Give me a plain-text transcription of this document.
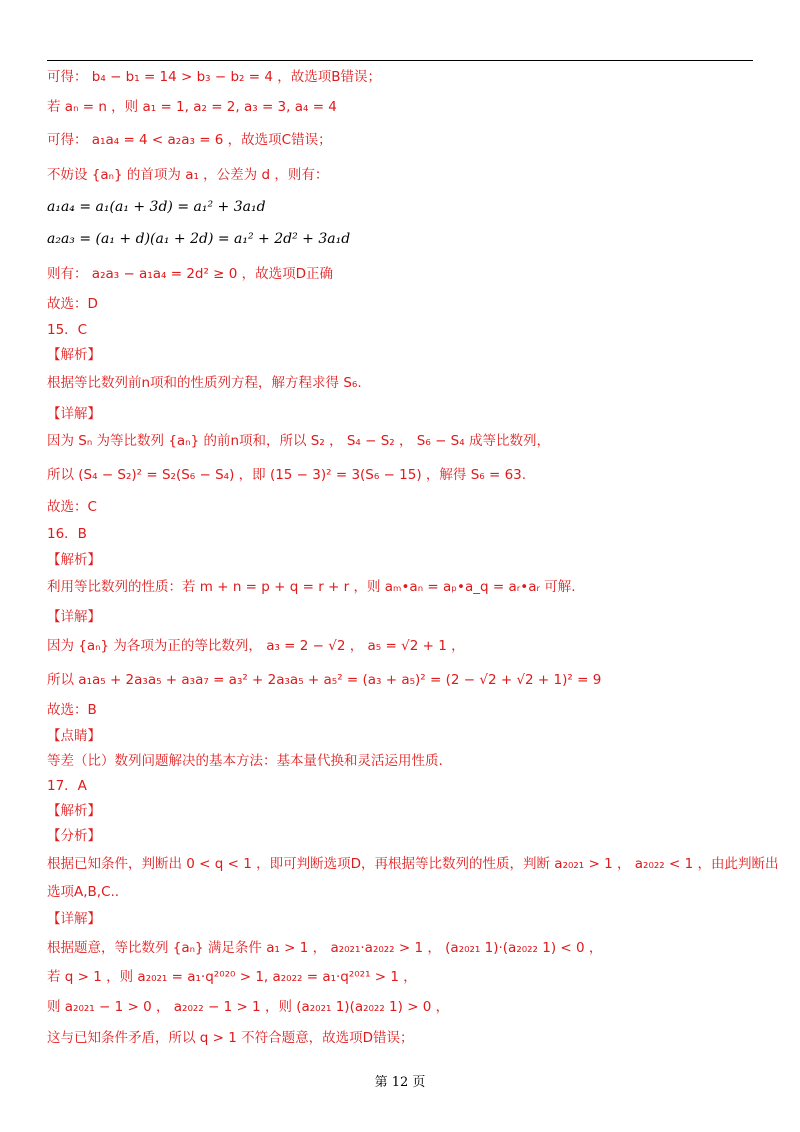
可得： b₄ − b₁ = 14 > b₃ − b₂ = 4 ，故选项B错误；
若 aₙ = n ，则 a₁ = 1, a₂ = 2, a₃ = 3, a₄ = 4
可得： a₁a₄ = 4 < a₂a₃ = 6 ，故选项C错误；
不妨设 {aₙ} 的首项为 a₁ ，公差为 d ，则有：
a₁a₄ = a₁(a₁ + 3d) = a₁² + 3a₁d
a₂a₃ = (a₁ + d)(a₁ + 2d) = a₁² + 2d² + 3a₁d
则有： a₂a₃ − a₁a₄ = 2d² ≥ 0 ，故选项D正确
故选：D
15．C
【解析】
根据等比数列前n项和的性质列方程，解方程求得 S₆.
【详解】
因为 Sₙ 为等比数列 {aₙ} 的前n项和，所以 S₂ ， S₄ − S₂ ， S₆ − S₄ 成等比数列，
所以 (S₄ − S₂)² = S₂(S₆ − S₄) ，即 (15 − 3)² = 3(S₆ − 15) ，解得 S₆ = 63.
故选：C
16．B
【解析】
利用等比数列的性质：若 m + n = p + q = r + r ，则 aₘ•aₙ = aₚ•a_q = aᵣ•aᵣ 可解.
【详解】
因为 {aₙ} 为各项为正的等比数列， a₃ = 2 − √2 ， a₅ = √2 + 1 ，
所以 a₁a₅ + 2a₃a₅ + a₃a₇ = a₃² + 2a₃a₅ + a₅² = (a₃ + a₅)² = (2 − √2 + √2 + 1)² = 9
故选：B
【点睛】
等差（比）数列问题解决的基本方法：基本量代换和灵活运用性质.
17．A
【解析】
【分析】
根据已知条件，判断出 0 < q < 1 ，即可判断选项D，再根据等比数列的性质，判断 a₂₀₂₁ > 1 ， a₂₀₂₂ < 1 ，由此判断出
选项A,B,C..
【详解】
根据题意，等比数列 {aₙ} 满足条件 a₁ > 1 ， a₂₀₂₁·a₂₀₂₂ > 1 ， (a₂₀₂₁ 1)·(a₂₀₂₂ 1) < 0 ，
若 q > 1 ，则 a₂₀₂₁ = a₁·q²⁰²⁰ > 1, a₂₀₂₂ = a₁·q²⁰²¹ > 1 ，
则 a₂₀₂₁ − 1 > 0 ， a₂₀₂₂ − 1 > 1 ，则 (a₂₀₂₁ 1)(a₂₀₂₂ 1) > 0 ，
这与已知条件矛盾，所以 q > 1 不符合题意，故选项D错误；
第 12 页
